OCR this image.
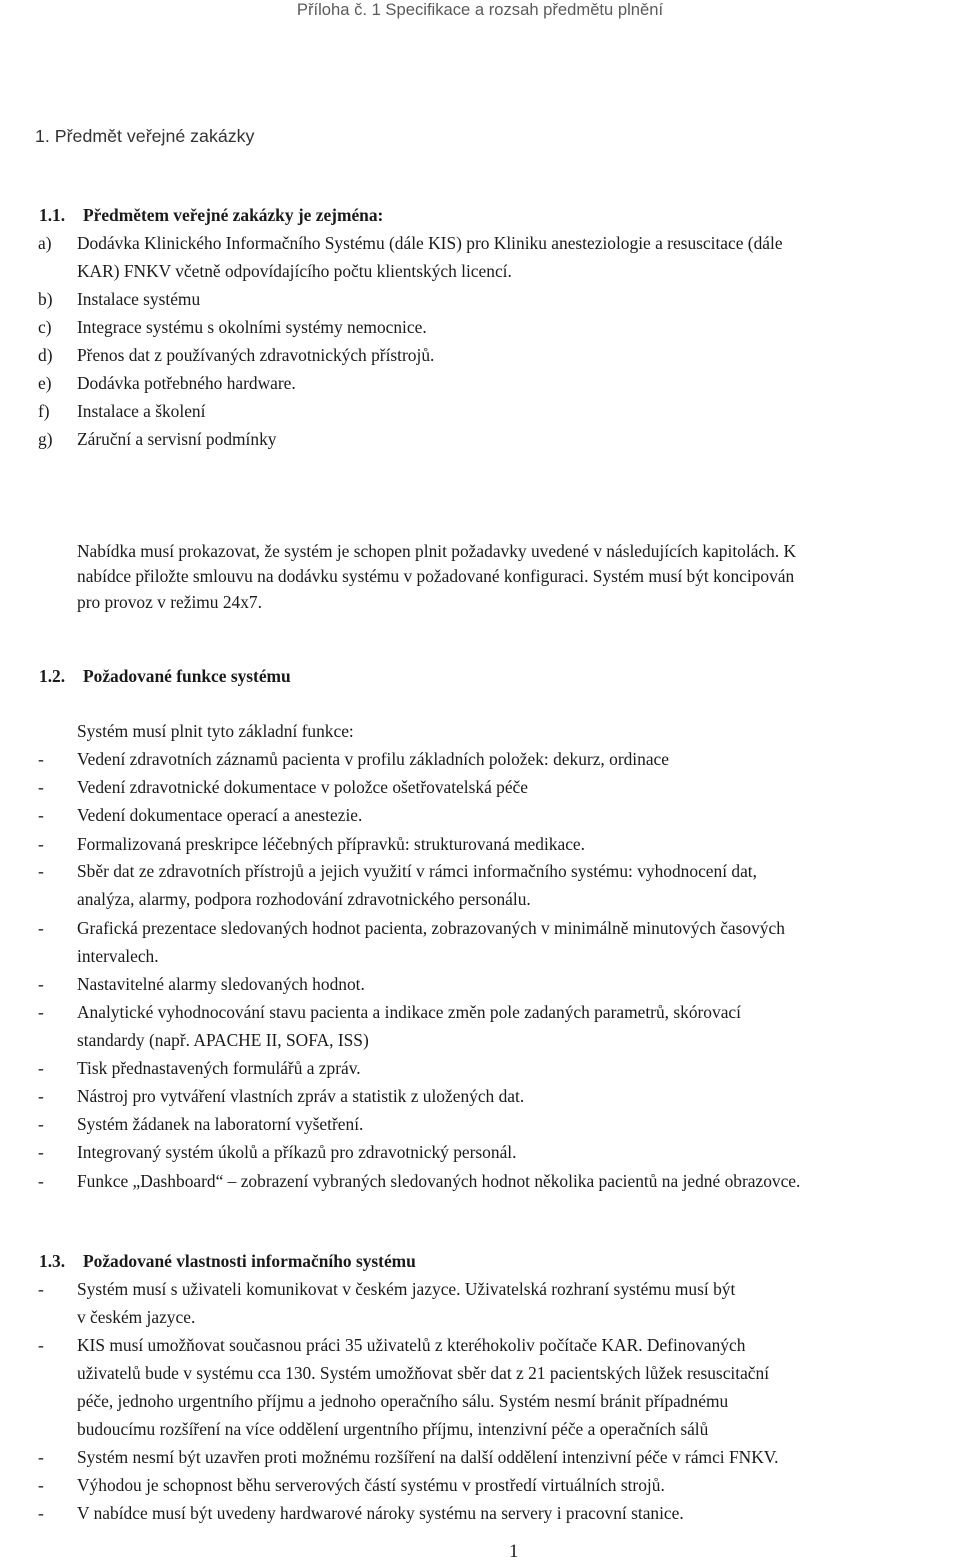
Příloha č. 1 Specifikace a rozsah předmětu plnění
1. Předmět veřejné zakázky
1.1. Předmětem veřejné zakázky je zejména:
a) Dodávka Klinického Informačního Systému (dále KIS) pro Kliniku anesteziologie a resuscitace (dále
KAR) FNKV včetně odpovídajícího počtu klientských licencí.
b) Instalace systému
c) Integrace systému s okolními systémy nemocnice.
d) Přenos dat z používaných zdravotnických přístrojů.
e) Dodávka potřebného hardware.
f) Instalace a školení
g) Záruční a servisní podmínky
Nabídka musí prokazovat, že systém je schopen plnit požadavky uvedené v následujících kapitolách. K
nabídce přiložte smlouvu na dodávku systému v požadované konfiguraci. Systém musí být koncipován
pro provoz v režimu 24x7.
1.2. Požadované funkce systému
Systém musí plnit tyto základní funkce:
- Vedení zdravotních záznamů pacienta v profilu základních položek: dekurz, ordinace
- Vedení zdravotnické dokumentace v položce ošetřovatelská péče
- Vedení dokumentace operací a anestezie.
- Formalizovaná preskripce léčebných přípravků: strukturovaná medikace.
- Sběr dat ze zdravotních přístrojů a jejich využití v rámci informačního systému: vyhodnocení dat,
analýza, alarmy, podpora rozhodování zdravotnického personálu.
- Grafická prezentace sledovaných hodnot pacienta, zobrazovaných v minimálně minutových časových
intervalech.
- Nastavitelné alarmy sledovaných hodnot.
- Analytické vyhodnocování stavu pacienta a indikace změn pole zadaných parametrů, skórovací
standardy (např. APACHE II, SOFA, ISS)
- Tisk přednastavených formulářů a zpráv.
- Nástroj pro vytváření vlastních zpráv a statistik z uložených dat.
- Systém žádanek na laboratorní vyšetření.
- Integrovaný systém úkolů a příkazů pro zdravotnický personál.
- Funkce „Dashboard“ – zobrazení vybraných sledovaných hodnot několika pacientů na jedné obrazovce.
1.3. Požadované vlastnosti informačního systému
- Systém musí s uživateli komunikovat v českém jazyce. Uživatelská rozhraní systému musí být
v českém jazyce.
- KIS musí umožňovat současnou práci 35 uživatelů z kteréhokoliv počítače KAR. Definovaných
uživatelů bude v systému cca 130. Systém umožňovat sběr dat z 21 pacientských lůžek resuscitační
péče, jednoho urgentního příjmu a jednoho operačního sálu. Systém nesmí bránit případnému
budoucímu rozšíření na více oddělení urgentního příjmu, intenzivní péče a operačních sálů
- Systém nesmí být uzavřen proti možnému rozšíření na další oddělení intenzivní péče v rámci FNKV.
- Výhodou je schopnost běhu serverových částí systému v prostředí virtuálních strojů.
- V nabídce musí být uvedeny hardwarové nároky systému na servery i pracovní stanice.
1
